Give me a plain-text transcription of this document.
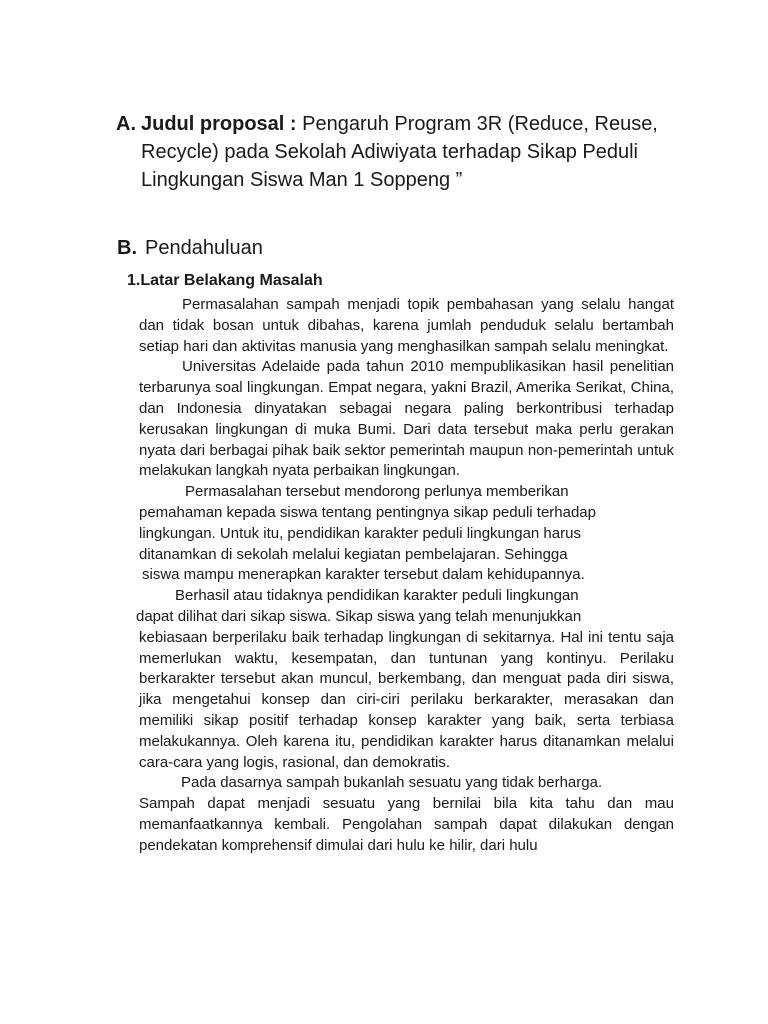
A. Judul proposal : Pengaruh Program 3R (Reduce, Reuse, Recycle) pada Sekolah Adiwiyata terhadap Sikap Peduli Lingkungan Siswa Man 1 Soppeng ”
B. Pendahuluan
1.Latar Belakang Masalah

Permasalahan sampah menjadi topik pembahasan yang selalu hangat dan tidak bosan untuk dibahas, karena jumlah penduduk selalu bertambah setiap hari dan aktivitas manusia yang menghasilkan sampah selalu meningkat.

Universitas Adelaide pada tahun 2010 mempublikasikan hasil penelitian terbarunya soal lingkungan. Empat negara, yakni Brazil, Amerika Serikat, China, dan Indonesia dinyatakan sebagai negara paling berkontribusi terhadap kerusakan lingkungan di muka Bumi. Dari data tersebut maka perlu gerakan nyata dari berbagai pihak baik sektor pemerintah maupun non-pemerintah untuk melakukan langkah nyata perbaikan lingkungan.

Permasalahan tersebut mendorong perlunya memberikan
pemahaman kepada siswa tentang pentingnya sikap peduli terhadap
lingkungan. Untuk itu, pendidikan karakter peduli lingkungan harus
ditanamkan di sekolah melalui kegiatan pembelajaran. Sehingga
siswa mampu menerapkan karakter tersebut dalam kehidupannya.

Berhasil atau tidaknya pendidikan karakter peduli lingkungan
dapat dilihat dari sikap siswa. Sikap siswa yang telah menunjukkan
kebiasaan berperilaku baik terhadap lingkungan di sekitarnya. Hal ini tentu saja memerlukan waktu, kesempatan, dan tuntunan yang kontinyu. Perilaku berkarakter tersebut akan muncul, berkembang, dan menguat pada diri siswa, jika mengetahui konsep dan ciri-ciri perilaku berkarakter, merasakan dan memiliki sikap positif terhadap konsep karakter yang baik, serta terbiasa melakukannya. Oleh karena itu, pendidikan karakter harus ditanamkan melalui cara-cara yang logis, rasional, dan demokratis.

Pada dasarnya sampah bukanlah sesuatu yang tidak berharga.
Sampah dapat menjadi sesuatu yang bernilai bila kita tahu dan mau memanfaatkannya kembali. Pengolahan sampah dapat dilakukan dengan pendekatan komprehensif dimulai dari hulu ke hilir, dari hulu
